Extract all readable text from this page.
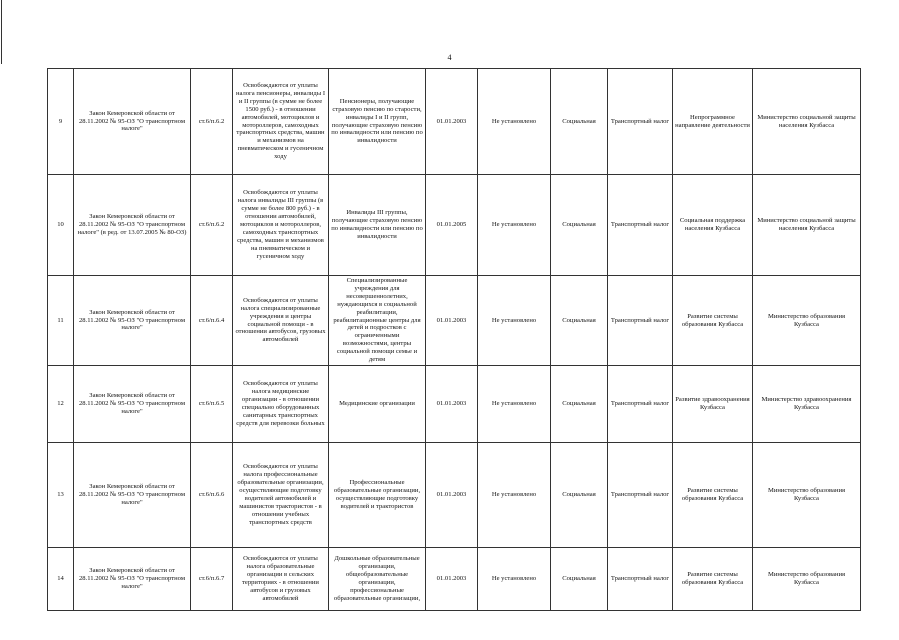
4
9	Закон Кемеровской области от 28.11.2002 № 95-ОЗ "О транспортном налоге"	ст.6/п.6.2	Освобождаются от уплаты налога пенсионеры, инвалиды I и II группы (в сумме не более 1500 руб.) - в отношении автомобилей, мотоциклов и мотороллеров, самоходных транспортных средства, машин и механизмов на пневматическом и гусеничном ходу	Пенсионеры, получающие страховую пенсию по старости, инвалиды I и II групп, получающие страховую пенсию по инвалидности или пенсию по инвалидности	01.01.2003	Не установлено	Социальная	Транспортный налог	Непрограммное направление деятельности	Министерство социальной защиты населения Кузбасса

10	Закон Кемеровской области от 28.11.2002 № 95-ОЗ "О транспортном налоге" (в ред. от 13.07.2005 № 80-ОЗ)	ст.6/п.6.2	Освобождаются от уплаты налога инвалиды III группы (в сумме не более 800 руб.) - в отношении автомобилей, мотоциклов и мотороллеров, самоходных транспортных средства, машин и механизмов на пневматическом и гусеничном ходу	Инвалиды III группы, получающие страховую пенсию по инвалидности или пенсию по инвалидности	01.01.2005	Не установлено	Социальная	Транспортный налог	Социальная поддержка населения Кузбасса	Министерство социальной защиты населения Кузбасса

11	Закон Кемеровской области от 28.11.2002 № 95-ОЗ "О транспортном налоге"	ст.6/п.6.4	Освобождаются от уплаты налога специализированные учреждения и центры социальной помощи - в отношении автобусов, грузовых автомобилей	Специализированные учреждения для несовершеннолетних, нуждающихся в социальной реабилитации, реабилитационные центры для детей и подростков с ограниченными возможностями, центры социальной помощи семье и детям	01.01.2003	Не установлено	Социальная	Транспортный налог	Развитие системы образования Кузбасса	Министерство образования Кузбасса

12	Закон Кемеровской области от 28.11.2002 № 95-ОЗ "О транспортном налоге"	ст.6/п.6.5	Освобождаются от уплаты налога медицинские организации - в отношении специально оборудованных санитарных транспортных средств для перевозки больных	Медицинские организации	01.01.2003	Не установлено	Социальная	Транспортный налог	Развитие здравоохранения Кузбасса	Министерство здравоохранения Кузбасса

13	Закон Кемеровской области от 28.11.2002 № 95-ОЗ "О транспортном налоге"	ст.6/п.6.6	Освобождаются от уплаты налога профессиональные образовательные организации, осуществляющие подготовку водителей автомобилей и машинистов трактористов - в отношении учебных транспортных средств	Профессиональные образовательные организации, осуществляющие подготовку водителей и трактористов	01.01.2003	Не установлено	Социальная	Транспортный налог	Развитие системы образования Кузбасса	Министерство образования Кузбасса

14	Закон Кемеровской области от 28.11.2002 № 95-ОЗ "О транспортном налоге"	ст.6/п.6.7	Освобождаются от уплаты налога образовательные организации в сельских территориях - в отношении автобусов и грузовых автомобилей	Дошкольные образовательные организации, общеобразовательные организации, профессиональные образовательные организации,	01.01.2003	Не установлено	Социальная	Транспортный налог	Развитие системы образования Кузбасса	Министерство образования Кузбасса
